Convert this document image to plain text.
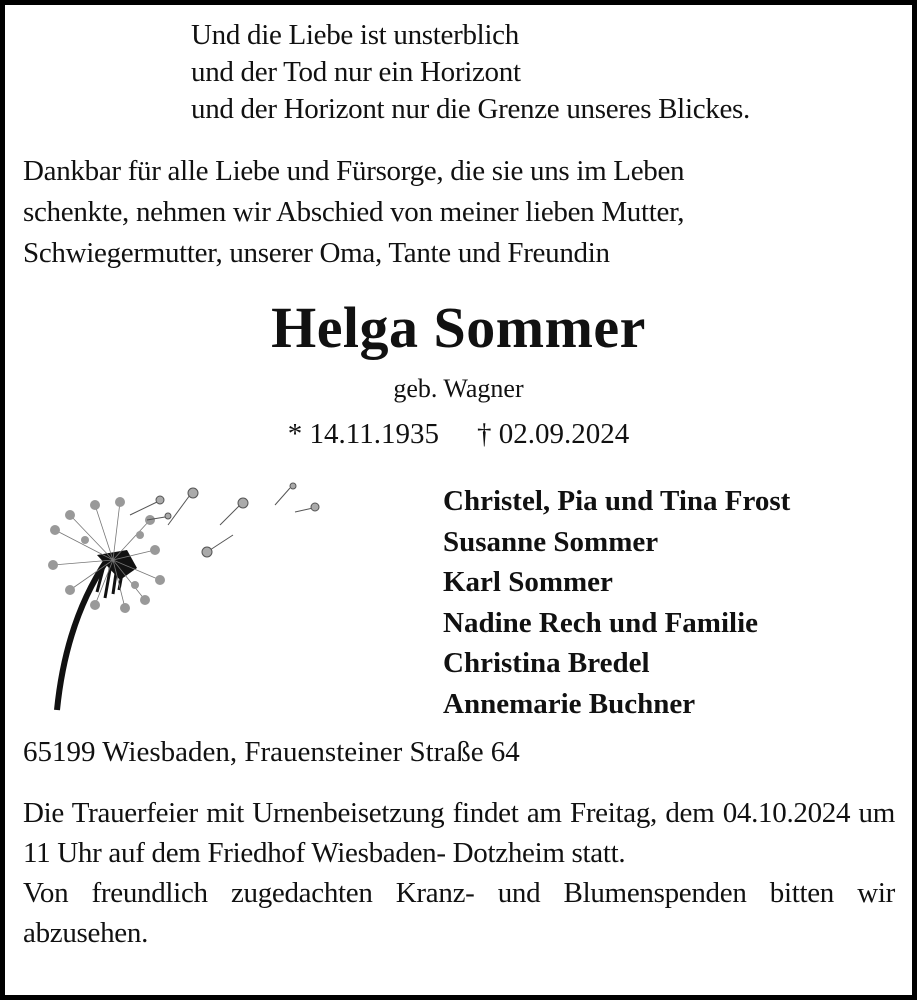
Und die Liebe ist unsterblich
und der Tod nur ein Horizont
und der Horizont nur die Grenze unseres Blickes.
Dankbar für alle Liebe und Fürsorge, die sie uns im Leben
schenkte, nehmen wir Abschied von meiner lieben Mutter,
Schwiegermutter, unserer Oma, Tante und Freundin
Helga Sommer
geb. Wagner
* 14.11.1935 † 02.09.2024
Christel, Pia und Tina Frost
Susanne Sommer
Karl Sommer
Nadine Rech und Familie
Christina Bredel
Annemarie Buchner
65199 Wiesbaden, Frauensteiner Straße 64

Die Trauerfeier mit Urnenbeisetzung findet am Freitag, dem 04.10.2024 um 11 Uhr auf dem Friedhof Wiesbaden- Dotzheim statt.

Von freundlich zugedachten Kranz- und Blumenspenden bitten wir abzusehen.
